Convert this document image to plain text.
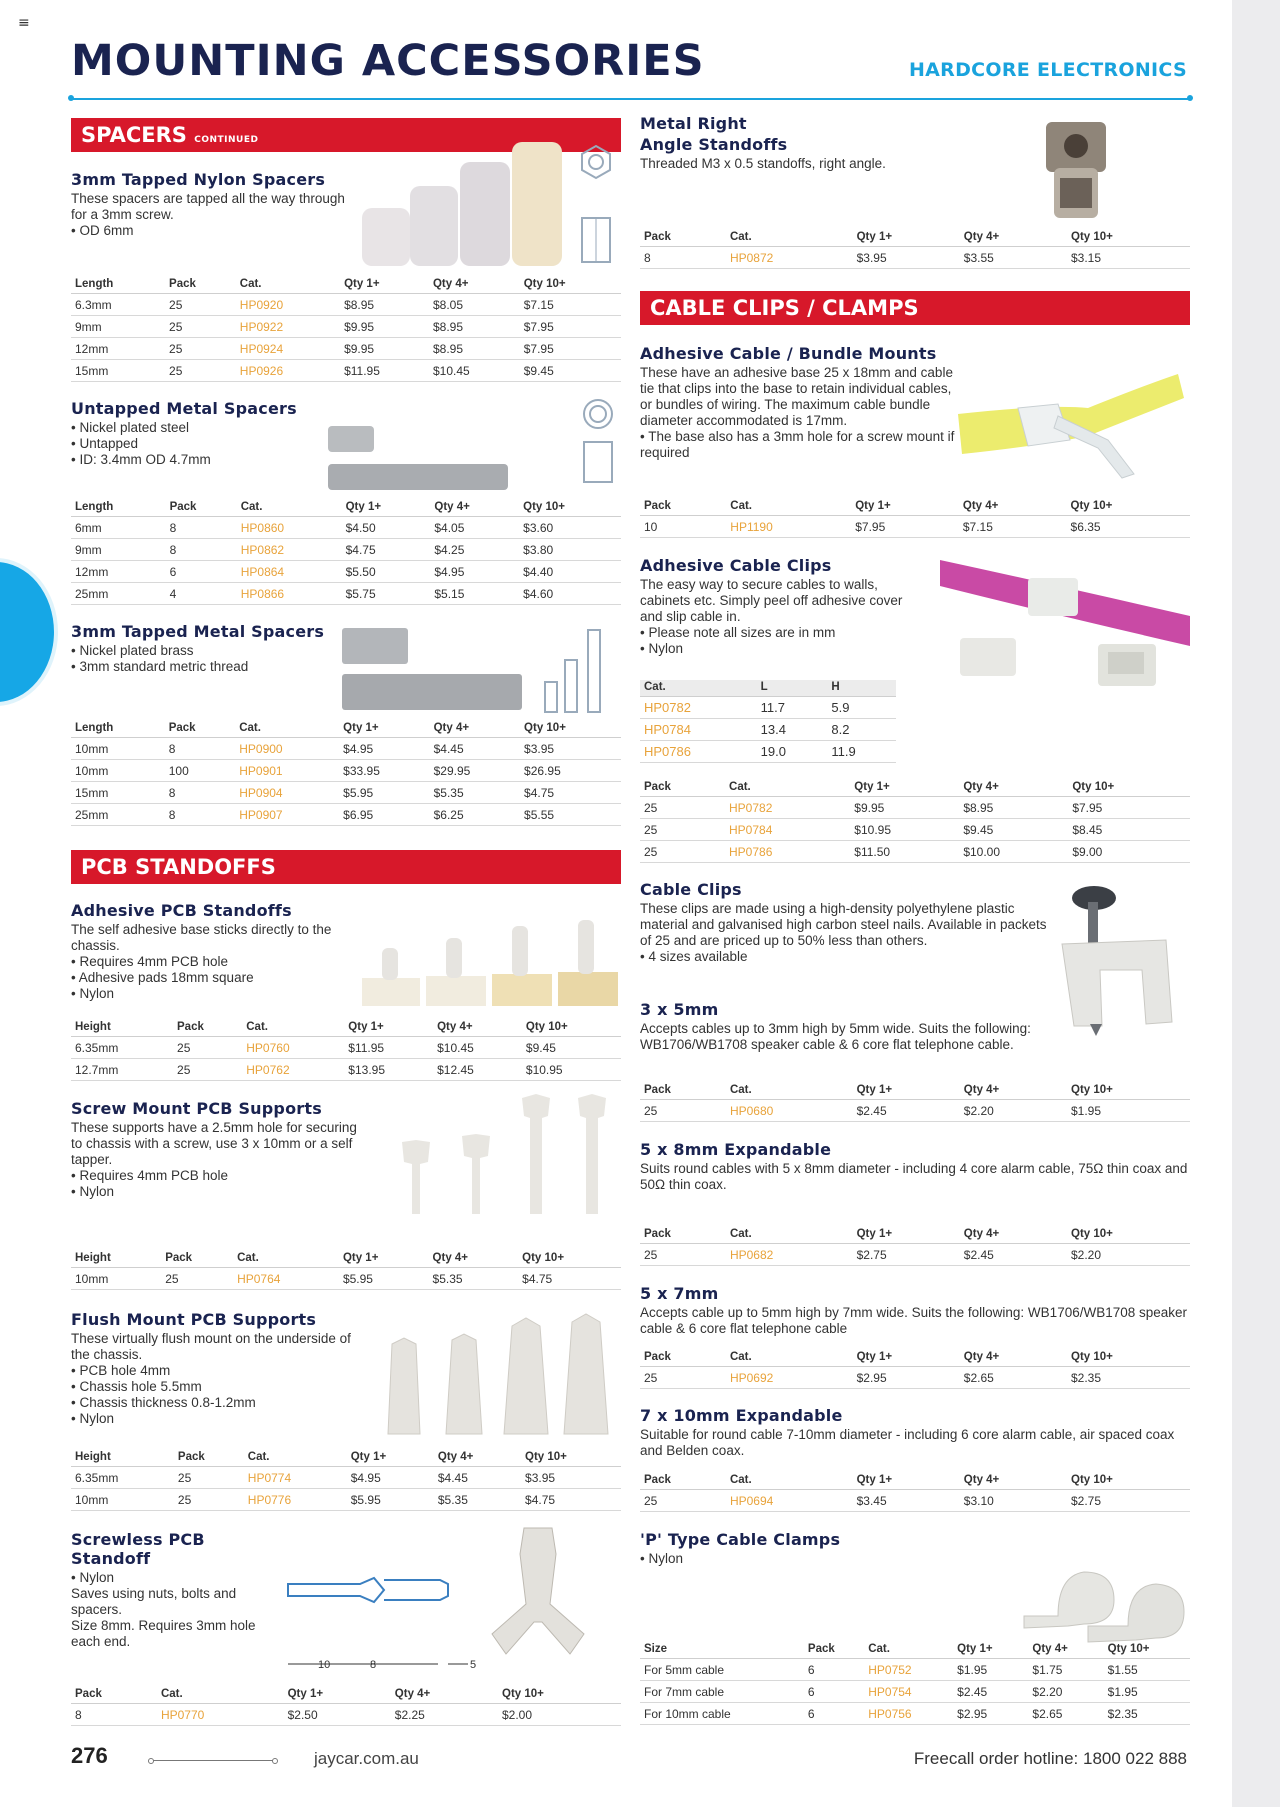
≡
MOUNTING ACCESSORIES	HARDCORE ELECTRONICS
SPACERS CONTINUED
3mm Tapped Nylon Spacers
These spacers are tapped all the way through for a 3mm screw.
• OD 6mm
Length	Pack	Cat.	Qty 1+	Qty 4+	Qty 10+
6.3mm	25	HP0920	$8.95	$8.05	$7.15
9mm	25	HP0922	$9.95	$8.95	$7.95
12mm	25	HP0924	$9.95	$8.95	$7.95
15mm	25	HP0926	$11.95	$10.45	$9.45
Untapped Metal Spacers
• Nickel plated steel
• Untapped
• ID: 3.4mm OD 4.7mm
Length	Pack	Cat.	Qty 1+	Qty 4+	Qty 10+
6mm	8	HP0860	$4.50	$4.05	$3.60
9mm	8	HP0862	$4.75	$4.25	$3.80
12mm	6	HP0864	$5.50	$4.95	$4.40
25mm	4	HP0866	$5.75	$5.15	$4.60
3mm Tapped Metal Spacers
• Nickel plated brass
• 3mm standard metric thread
Length	Pack	Cat.	Qty 1+	Qty 4+	Qty 10+
10mm	8	HP0900	$4.95	$4.45	$3.95
10mm	100	HP0901	$33.95	$29.95	$26.95
15mm	8	HP0904	$5.95	$5.35	$4.75
25mm	8	HP0907	$6.95	$6.25	$5.55
PCB STANDOFFS
Adhesive PCB Standoffs
The self adhesive base sticks directly to the chassis.
• Requires 4mm PCB hole
• Adhesive pads 18mm square
• Nylon
Height	Pack	Cat.	Qty 1+	Qty 4+	Qty 10+
6.35mm	25	HP0760	$11.95	$10.45	$9.45
12.7mm	25	HP0762	$13.95	$12.45	$10.95
Screw Mount PCB Supports
These supports have a 2.5mm hole for securing to chassis with a screw, use 3 x 10mm or a self tapper.
• Requires 4mm PCB hole
• Nylon
Height	Pack	Cat.	Qty 1+	Qty 4+	Qty 10+
10mm	25	HP0764	$5.95	$5.35	$4.75
Flush Mount PCB Supports
These virtually flush mount on the underside of the chassis.
• PCB hole 4mm
• Chassis hole 5.5mm
• Chassis thickness 0.8-1.2mm
• Nylon
Height	Pack	Cat.	Qty 1+	Qty 4+	Qty 10+
6.35mm	25	HP0774	$4.95	$4.45	$3.95
10mm	25	HP0776	$5.95	$5.35	$4.75
Screwless PCB Standoff
• Nylon
Saves using nuts, bolts and spacers.
Size 8mm. Requires 3mm hole each end.
10	8	5
Pack	Cat.	Qty 1+	Qty 4+	Qty 10+
8	HP0770	$2.50	$2.25	$2.00
Metal Right
Angle Standoffs
Threaded M3 x 0.5 standoffs, right angle.
Pack	Cat.	Qty 1+	Qty 4+	Qty 10+
8	HP0872	$3.95	$3.55	$3.15
CABLE CLIPS / CLAMPS
Adhesive Cable / Bundle Mounts
These have an adhesive base 25 x 18mm and cable tie that clips into the base to retain individual cables, or bundles of wiring. The maximum cable bundle diameter accommodated is 17mm.
• The base also has a 3mm hole for a screw mount if required
Pack	Cat.	Qty 1+	Qty 4+	Qty 10+
10	HP1190	$7.95	$7.15	$6.35
Adhesive Cable Clips
The easy way to secure cables to walls, cabinets etc. Simply peel off adhesive cover and slip cable in.
• Please note all sizes are in mm
• Nylon
Cat.	L	H
HP0782	11.7	5.9
HP0784	13.4	8.2
HP0786	19.0	11.9
Pack	Cat.	Qty 1+	Qty 4+	Qty 10+
25	HP0782	$9.95	$8.95	$7.95
25	HP0784	$10.95	$9.45	$8.45
25	HP0786	$11.50	$10.00	$9.00
Cable Clips
These clips are made using a high-density polyethylene plastic material and galvanised high carbon steel nails. Available in packets of 25 and are priced up to 50% less than others.
• 4 sizes available
3 x 5mm
Accepts cables up to 3mm high by 5mm wide. Suits the following:
WB1706/WB1708 speaker cable & 6 core flat telephone cable.
Pack	Cat.	Qty 1+	Qty 4+	Qty 10+
25	HP0680	$2.45	$2.20	$1.95
5 x 8mm Expandable
Suits round cables with 5 x 8mm diameter - including 4 core alarm cable, 75Ω thin coax and 50Ω thin coax.
Pack	Cat.	Qty 1+	Qty 4+	Qty 10+
25	HP0682	$2.75	$2.45	$2.20
5 x 7mm
Accepts cable up to 5mm high by 7mm wide. Suits the following: WB1706/WB1708 speaker cable & 6 core flat telephone cable
Pack	Cat.	Qty 1+	Qty 4+	Qty 10+
25	HP0692	$2.95	$2.65	$2.35
7 x 10mm Expandable
Suitable for round cable 7-10mm diameter - including 6 core alarm cable, air spaced coax and Belden coax.
Pack	Cat.	Qty 1+	Qty 4+	Qty 10+
25	HP0694	$3.45	$3.10	$2.75
'P' Type Cable Clamps
• Nylon
Size	Pack	Cat.	Qty 1+	Qty 4+	Qty 10+
For 5mm cable	6	HP0752	$1.95	$1.75	$1.55
For 7mm cable	6	HP0754	$2.45	$2.20	$1.95
For 10mm cable	6	HP0756	$2.95	$2.65	$2.35
276	jaycar.com.au	Freecall order hotline: 1800 022 888
